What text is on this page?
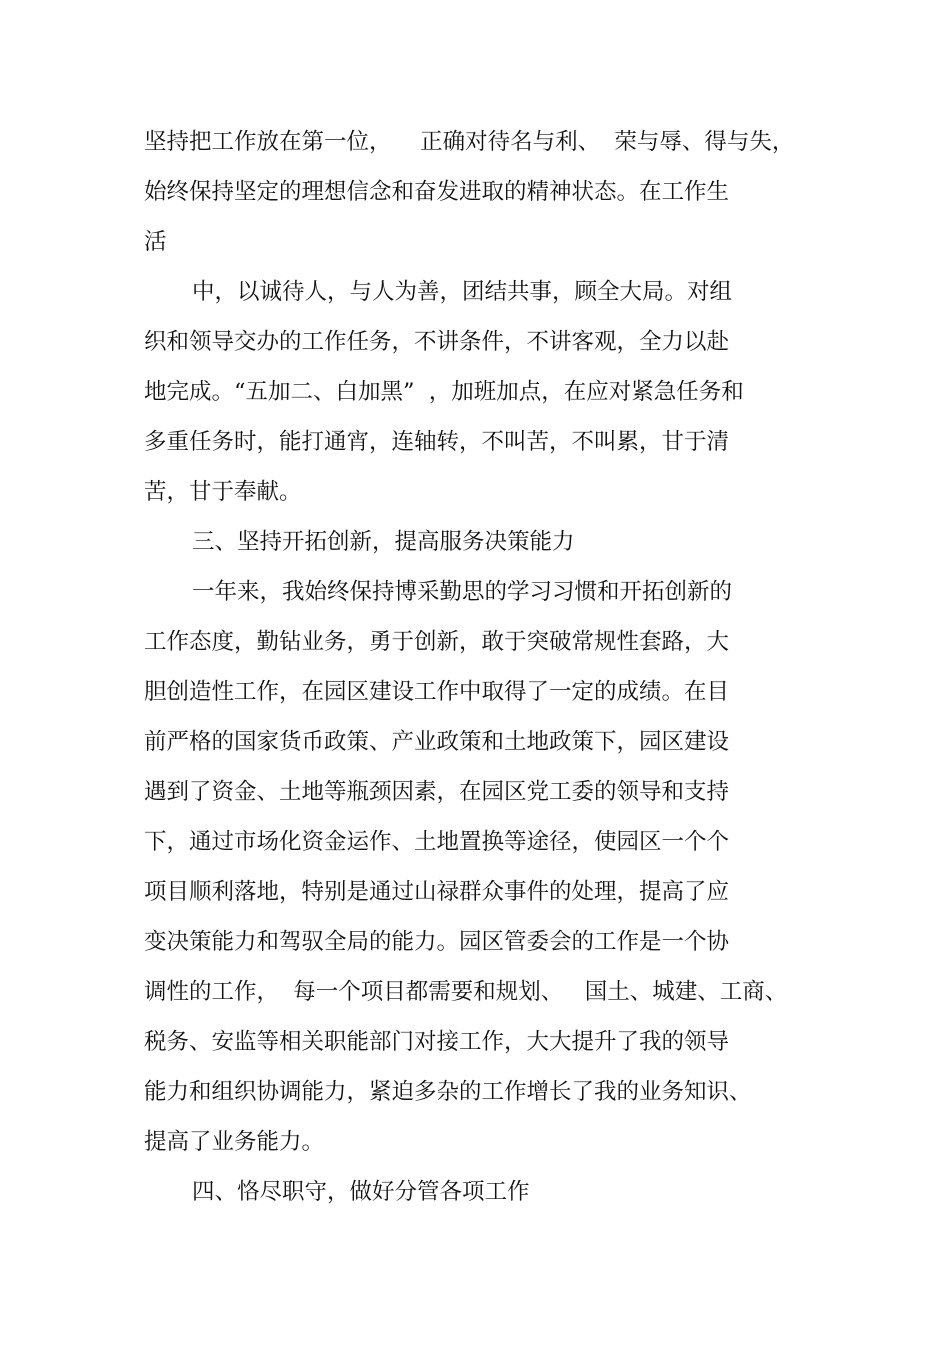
坚持把工作放在第一位，    正确对待名与利、  荣与辱、得与失，
始终保持坚定的理想信念和奋发进取的精神状态。在工作生
活
中，以诚待人，与人为善，团结共事，顾全大局。对组
织和领导交办的工作任务，不讲条件，不讲客观，全力以赴
地完成。“五加二、白加黑”  ，加班加点，在应对紧急任务和
多重任务时，能打通宵，连轴转，不叫苦，不叫累，甘于清
苦，甘于奉献。
三、坚持开拓创新，提高服务决策能力
一年来，我始终保持博采勤思的学习习惯和开拓创新的
工作态度，勤钻业务，勇于创新，敢于突破常规性套路，大
胆创造性工作，在园区建设工作中取得了一定的成绩。在目
前严格的国家货币政策、产业政策和土地政策下，园区建设
遇到了资金、土地等瓶颈因素，在园区党工委的领导和支持
下，通过市场化资金运作、土地置换等途径，使园区一个个
项目顺利落地，特别是通过山禄群众事件的处理，提高了应
变决策能力和驾驭全局的能力。园区管委会的工作是一个协
调性的工作，  每一个项目都需要和规划、   国土、城建、工商、
税务、安监等相关职能部门对接工作，大大提升了我的领导
能力和组织协调能力，紧迫多杂的工作增长了我的业务知识、
提高了业务能力。
四、恪尽职守，做好分管各项工作
